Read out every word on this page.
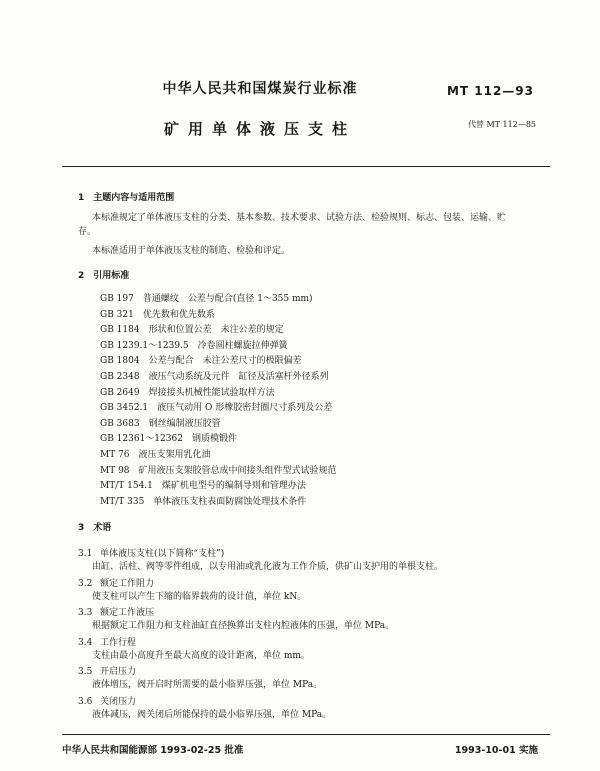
中华人民共和国煤炭行业标准	MT 112—93
矿用单体液压支柱	代替 MT 112—85
1　主题内容与适用范围
本标准规定了单体液压支柱的分类、基本参数、技术要求、试验方法、检验规则、标志、包装、运输、贮
存。
本标准适用于单体液压支柱的制造、检验和评定。
2　引用标准
GB 197 普通螺纹　公差与配合(直径 1～355 mm)
GB 321 优先数和优先数系
GB 1184 形状和位置公差　未注公差的规定
GB 1239.1～1239.5 冷卷圆柱螺旋拉伸弹簧
GB 1804 公差与配合　未注公差尺寸的极限偏差
GB 2348 液压气动系统及元件　缸径及活塞杆外径系列
GB 2649 焊接接头机械性能试验取样方法
GB 3452.1 液压气动用 O 形橡胶密封圈尺寸系列及公差
GB 3683 钢丝编制液压胶管
GB 12361～12362 钢质模锻件
MT 76 液压支架用乳化油
MT 98 矿用液压支架胶管总成中间接头组件型式试验规范
MT/T 154.1 煤矿机电型号的编制导则和管理办法
MT/T 335 单体液压支柱表面防腐蚀处理技术条件
3　术语
3.1 单体液压支柱(以下简称“支柱”)
由缸、活柱、阀等零件组成，以专用油或乳化液为工作介质，供矿山支护用的单根支柱。
3.2 额定工作阻力
使支柱可以产生下缩的临界载荷的设计值，单位 kN。
3.3 额定工作液压
根据额定工作阻力和支柱油缸直径换算出支柱内腔液体的压强，单位 MPa。
3.4 工作行程
支柱由最小高度升至最大高度的设计距离，单位 mm。
3.5 开启压力
液体增压，阀开启时所需要的最小临界压强，单位 MPa。
3.6 关闭压力
液体减压，阀关闭后所能保持的最小临界压强，单位 MPa。
中华人民共和国能源部 1993-02-25 批准	1993-10-01 实施
